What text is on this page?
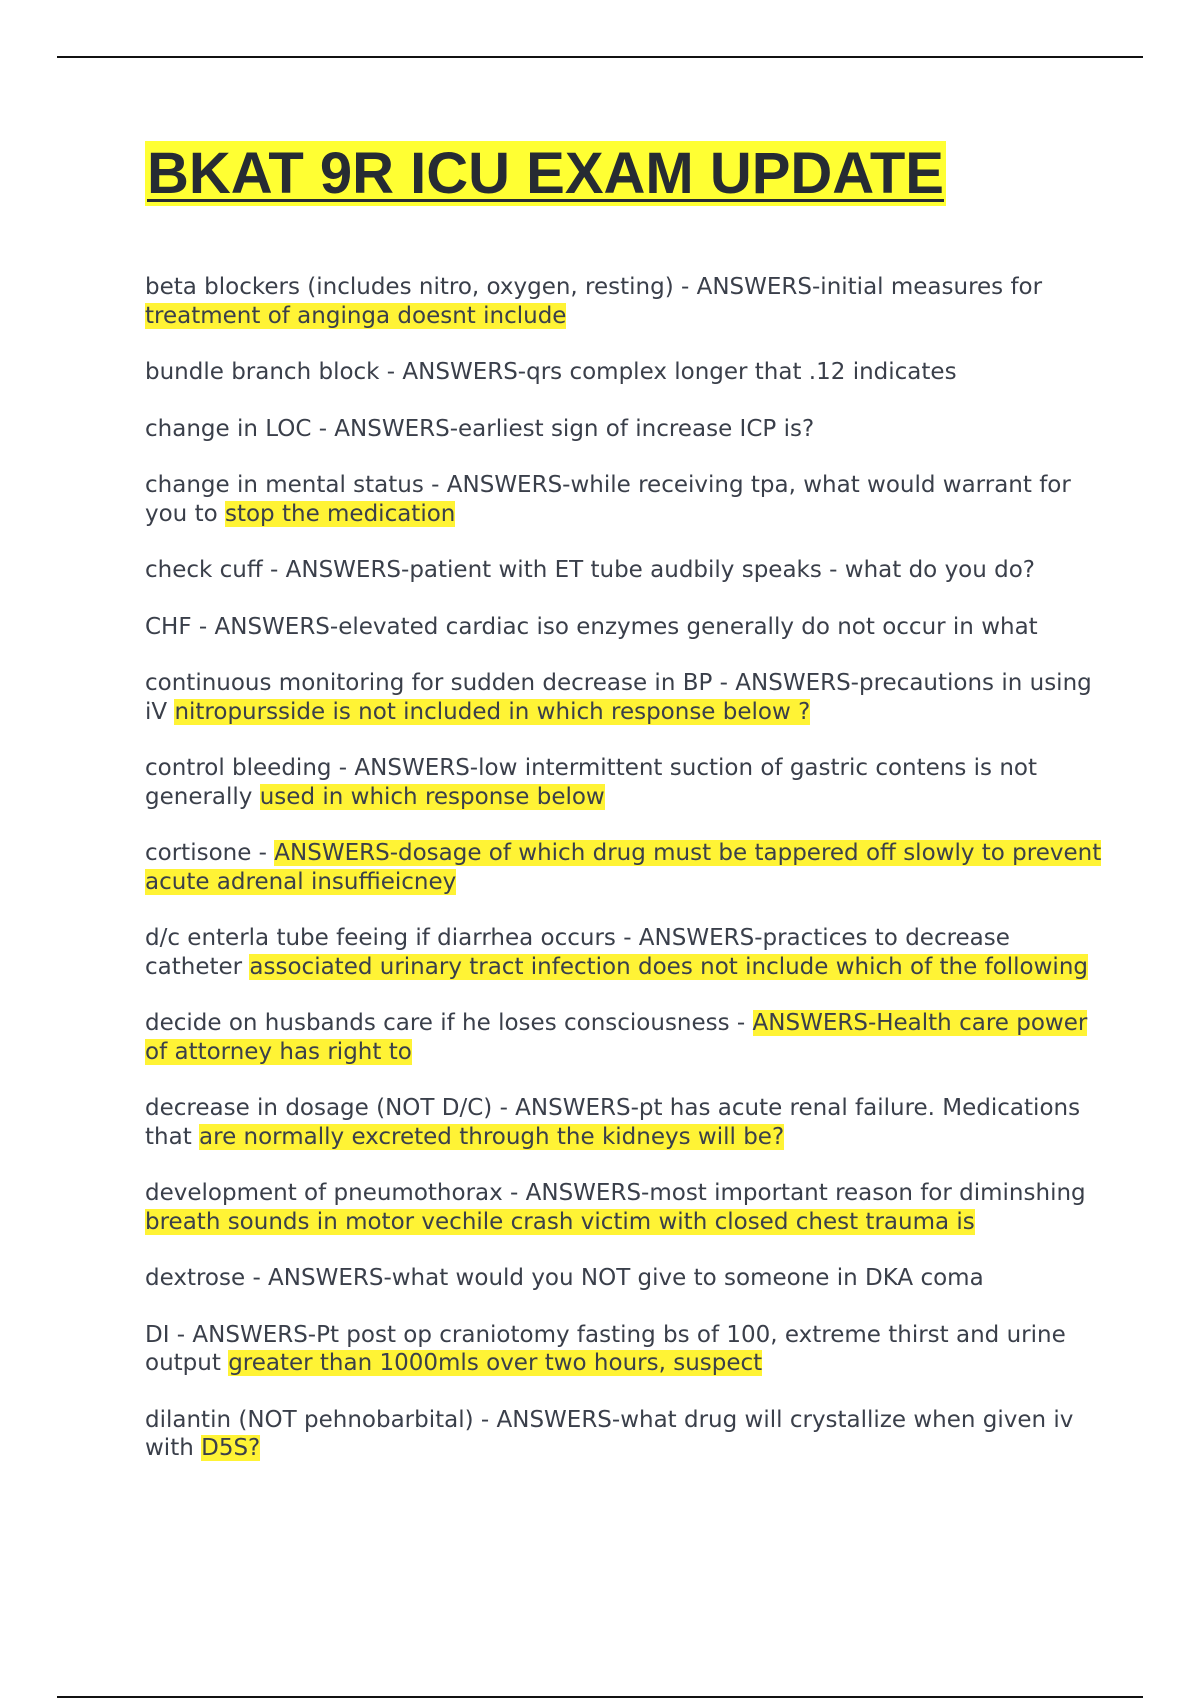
BKAT 9R ICU EXAM UPDATE
beta blockers (includes nitro, oxygen, resting) - ANSWERS-initial measures for treatment of anginga doesnt include
bundle branch block - ANSWERS-qrs complex longer that .12 indicates
change in LOC - ANSWERS-earliest sign of increase ICP is?
change in mental status - ANSWERS-while receiving tpa, what would warrant for you to stop the medication
check cuff - ANSWERS-patient with ET tube audbily speaks - what do you do?
CHF - ANSWERS-elevated cardiac iso enzymes generally do not occur in what
continuous monitoring for sudden decrease in BP - ANSWERS-precautions in using iV nitropursside is not included in which response below ?
control bleeding - ANSWERS-low intermittent suction of gastric contens is not generally used in which response below
cortisone - ANSWERS-dosage of which drug must be tappered off slowly to prevent acute adrenal insuffieicney
d/c enterla tube feeing if diarrhea occurs - ANSWERS-practices to decrease catheter associated urinary tract infection does not include which of the following
decide on husbands care if he loses consciousness - ANSWERS-Health care power of attorney has right to
decrease in dosage (NOT D/C) - ANSWERS-pt has acute renal failure. Medications that are normally excreted through the kidneys will be?
development of pneumothorax - ANSWERS-most important reason for diminshing breath sounds in motor vechile crash victim with closed chest trauma is
dextrose - ANSWERS-what would you NOT give to someone in DKA coma
DI - ANSWERS-Pt post op craniotomy fasting bs of 100, extreme thirst and urine output greater than 1000mls over two hours, suspect
dilantin (NOT pehnobarbital) - ANSWERS-what drug will crystallize when given iv with D5S?
